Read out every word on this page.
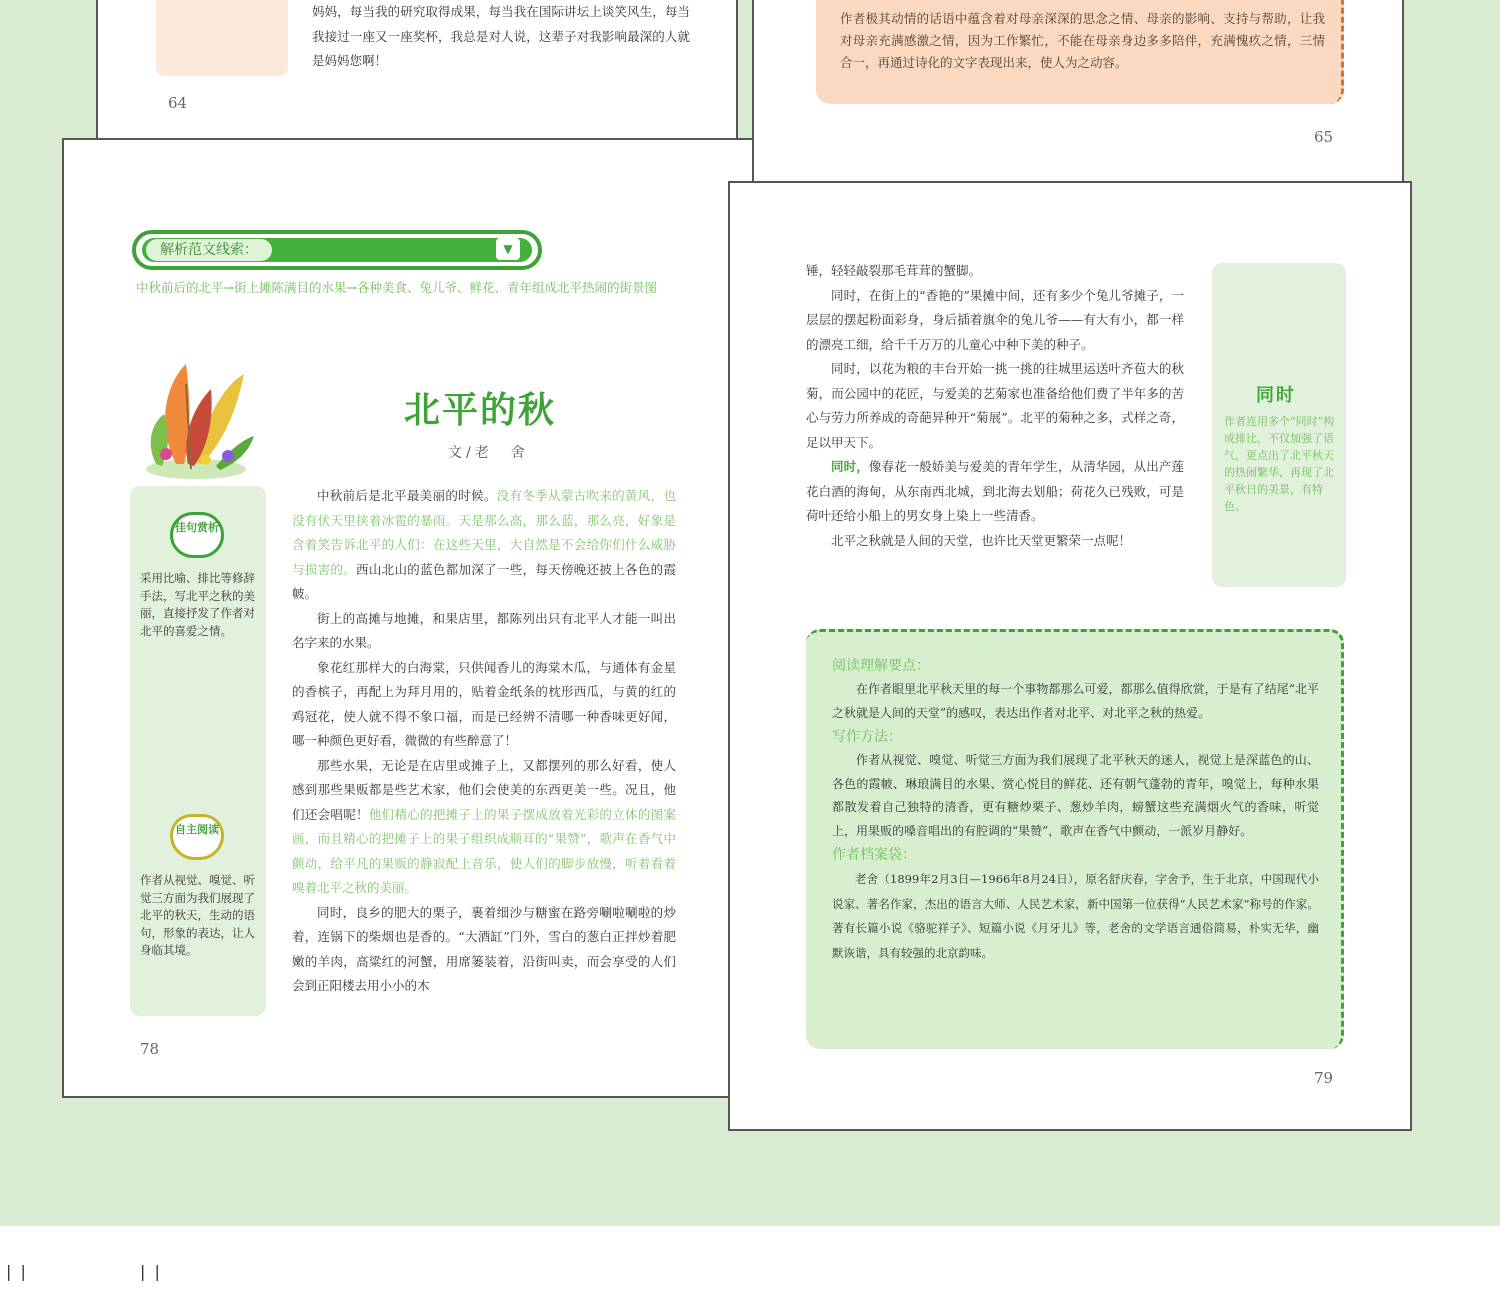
妈妈，每当我的研究取得成果，每当我在国际讲坛上谈笑风生，每当我接过一座又一座奖杯，我总是对人说，这辈子对我影响最深的人就是妈妈您啊！
64
作者极其动情的话语中蕴含着对母亲深深的思念之情、母亲的影响、支持与帮助，让我对母亲充满感激之情，因为工作繁忙，不能在母亲身边多多陪伴，充满愧疚之情，三情合一，再通过诗化的文字表现出来，使人为之动容。
65
解析范文线索：	▼
中秋前后的北平→街上摊陈满目的水果→各种美食、兔儿爷、鲜花、青年组成北平热闹的街景图
北平的秋
文/老　舍
佳句赏析
采用比喻、排比等修辞手法，写北平之秋的美丽，直接抒发了作者对北平的喜爱之情。
自主阅读
作者从视觉、嗅觉、听觉三方面为我们展现了北平的秋天，生动的语句，形象的表达，让人身临其境。

中秋前后是北平最美丽的时候。没有冬季从蒙古吹来的黄风，也没有伏天里挟着冰雹的暴雨。天是那么高，那么蓝，那么亮，好象是含着笑告诉北平的人们：在这些天里，大自然是不会给你们什么威胁与损害的。西山北山的蓝色都加深了一些，每天傍晚还披上各色的霞帔。

街上的高摊与地摊，和果店里，都陈列出只有北平人才能一叫出名字来的水果。

象花红那样大的白海棠，只供闻香儿的海棠木瓜，与通体有金星的香槟子，再配上为拜月用的，贴着金纸条的枕形西瓜，与黄的红的鸡冠花，使人就不得不象口福，而是已经辨不清哪一种香味更好闻，哪一种颜色更好看，微微的有些醉意了！

那些水果，无论是在店里或摊子上，又都摆列的那么好看，使人感到那些果贩都是些艺术家，他们会使美的东西更美一些。况且，他们还会唱呢！他们精心的把摊子上的果子摆成放着光彩的立体的图案画，而且精心的把摊子上的果子组织成顺耳的“果赞”，歌声在香气中颤动，给平凡的果贩的静寂配上音乐，使人们的脚步放慢，听着看着嗅着北平之秋的美丽。

同时，良乡的肥大的栗子，裹着细沙与糖蜜在路旁唰啦唰啦的炒着，连锅下的柴烟也是香的。“大酒缸”门外，雪白的葱白正拌炒着肥嫩的羊肉，高粱红的河蟹，用席篓装着，沿街叫卖，而会享受的人们会到正阳楼去用小小的木

78

锤，轻轻敲裂那毛茸茸的蟹脚。

同时，在街上的“香艳的”果摊中间，还有多少个兔儿爷摊子，一层层的摆起粉面彩身，身后插着旗伞的兔儿爷——有大有小，都一样的漂亮工细，给千千万万的儿童心中种下美的种子。

同时，以花为粮的丰台开始一挑一挑的往城里运送叶齐苞大的秋菊，而公园中的花匠，与爱美的艺菊家也准备给他们费了半年多的苦心与劳力所养成的奇葩异种开“菊展”。北平的菊种之多，式样之奇，足以甲天下。

同时，像春花一般娇美与爱美的青年学生，从清华园，从出产莲花白酒的海甸，从东南西北城，到北海去划船；荷花久已残败，可是荷叶还给小船上的男女身上染上一些清香。

北平之秋就是人间的天堂，也许比天堂更繁荣一点呢！

同时
作者连用多个“同时”构成排比，不仅加强了语气，更点出了北平秋天的热闹繁华，再现了北平秋日的美景，有特色。
阅读理解要点：
在作者眼里北平秋天里的每一个事物都那么可爱，都那么值得欣赏，于是有了结尾“北平之秋就是人间的天堂”的感叹，表达出作者对北平、对北平之秋的热爱。
写作方法：
作者从视觉、嗅觉、听觉三方面为我们展现了北平秋天的迷人，视觉上是深蓝色的山、各色的霞帔、琳琅满目的水果、赏心悦目的鲜花、还有朝气蓬勃的青年，嗅觉上，每种水果都散发着自己独特的清香，更有糖炒栗子、葱炒羊肉，螃蟹这些充满烟火气的香味，听觉上，用果贩的嗓音唱出的有腔调的“果赞”，歌声在香气中颤动，一派岁月静好。
作者档案袋：
老舍（1899年2月3日—1966年8月24日），原名舒庆春，字舍予，生于北京，中国现代小说家、著名作家，杰出的语言大师、人民艺术家，新中国第一位获得“人民艺术家”称号的作家。著有长篇小说《骆驼祥子》、短篇小说《月牙儿》等，老舍的文学语言通俗简易，朴实无华，幽默诙谐，具有较强的北京韵味。
79
| |	| |
